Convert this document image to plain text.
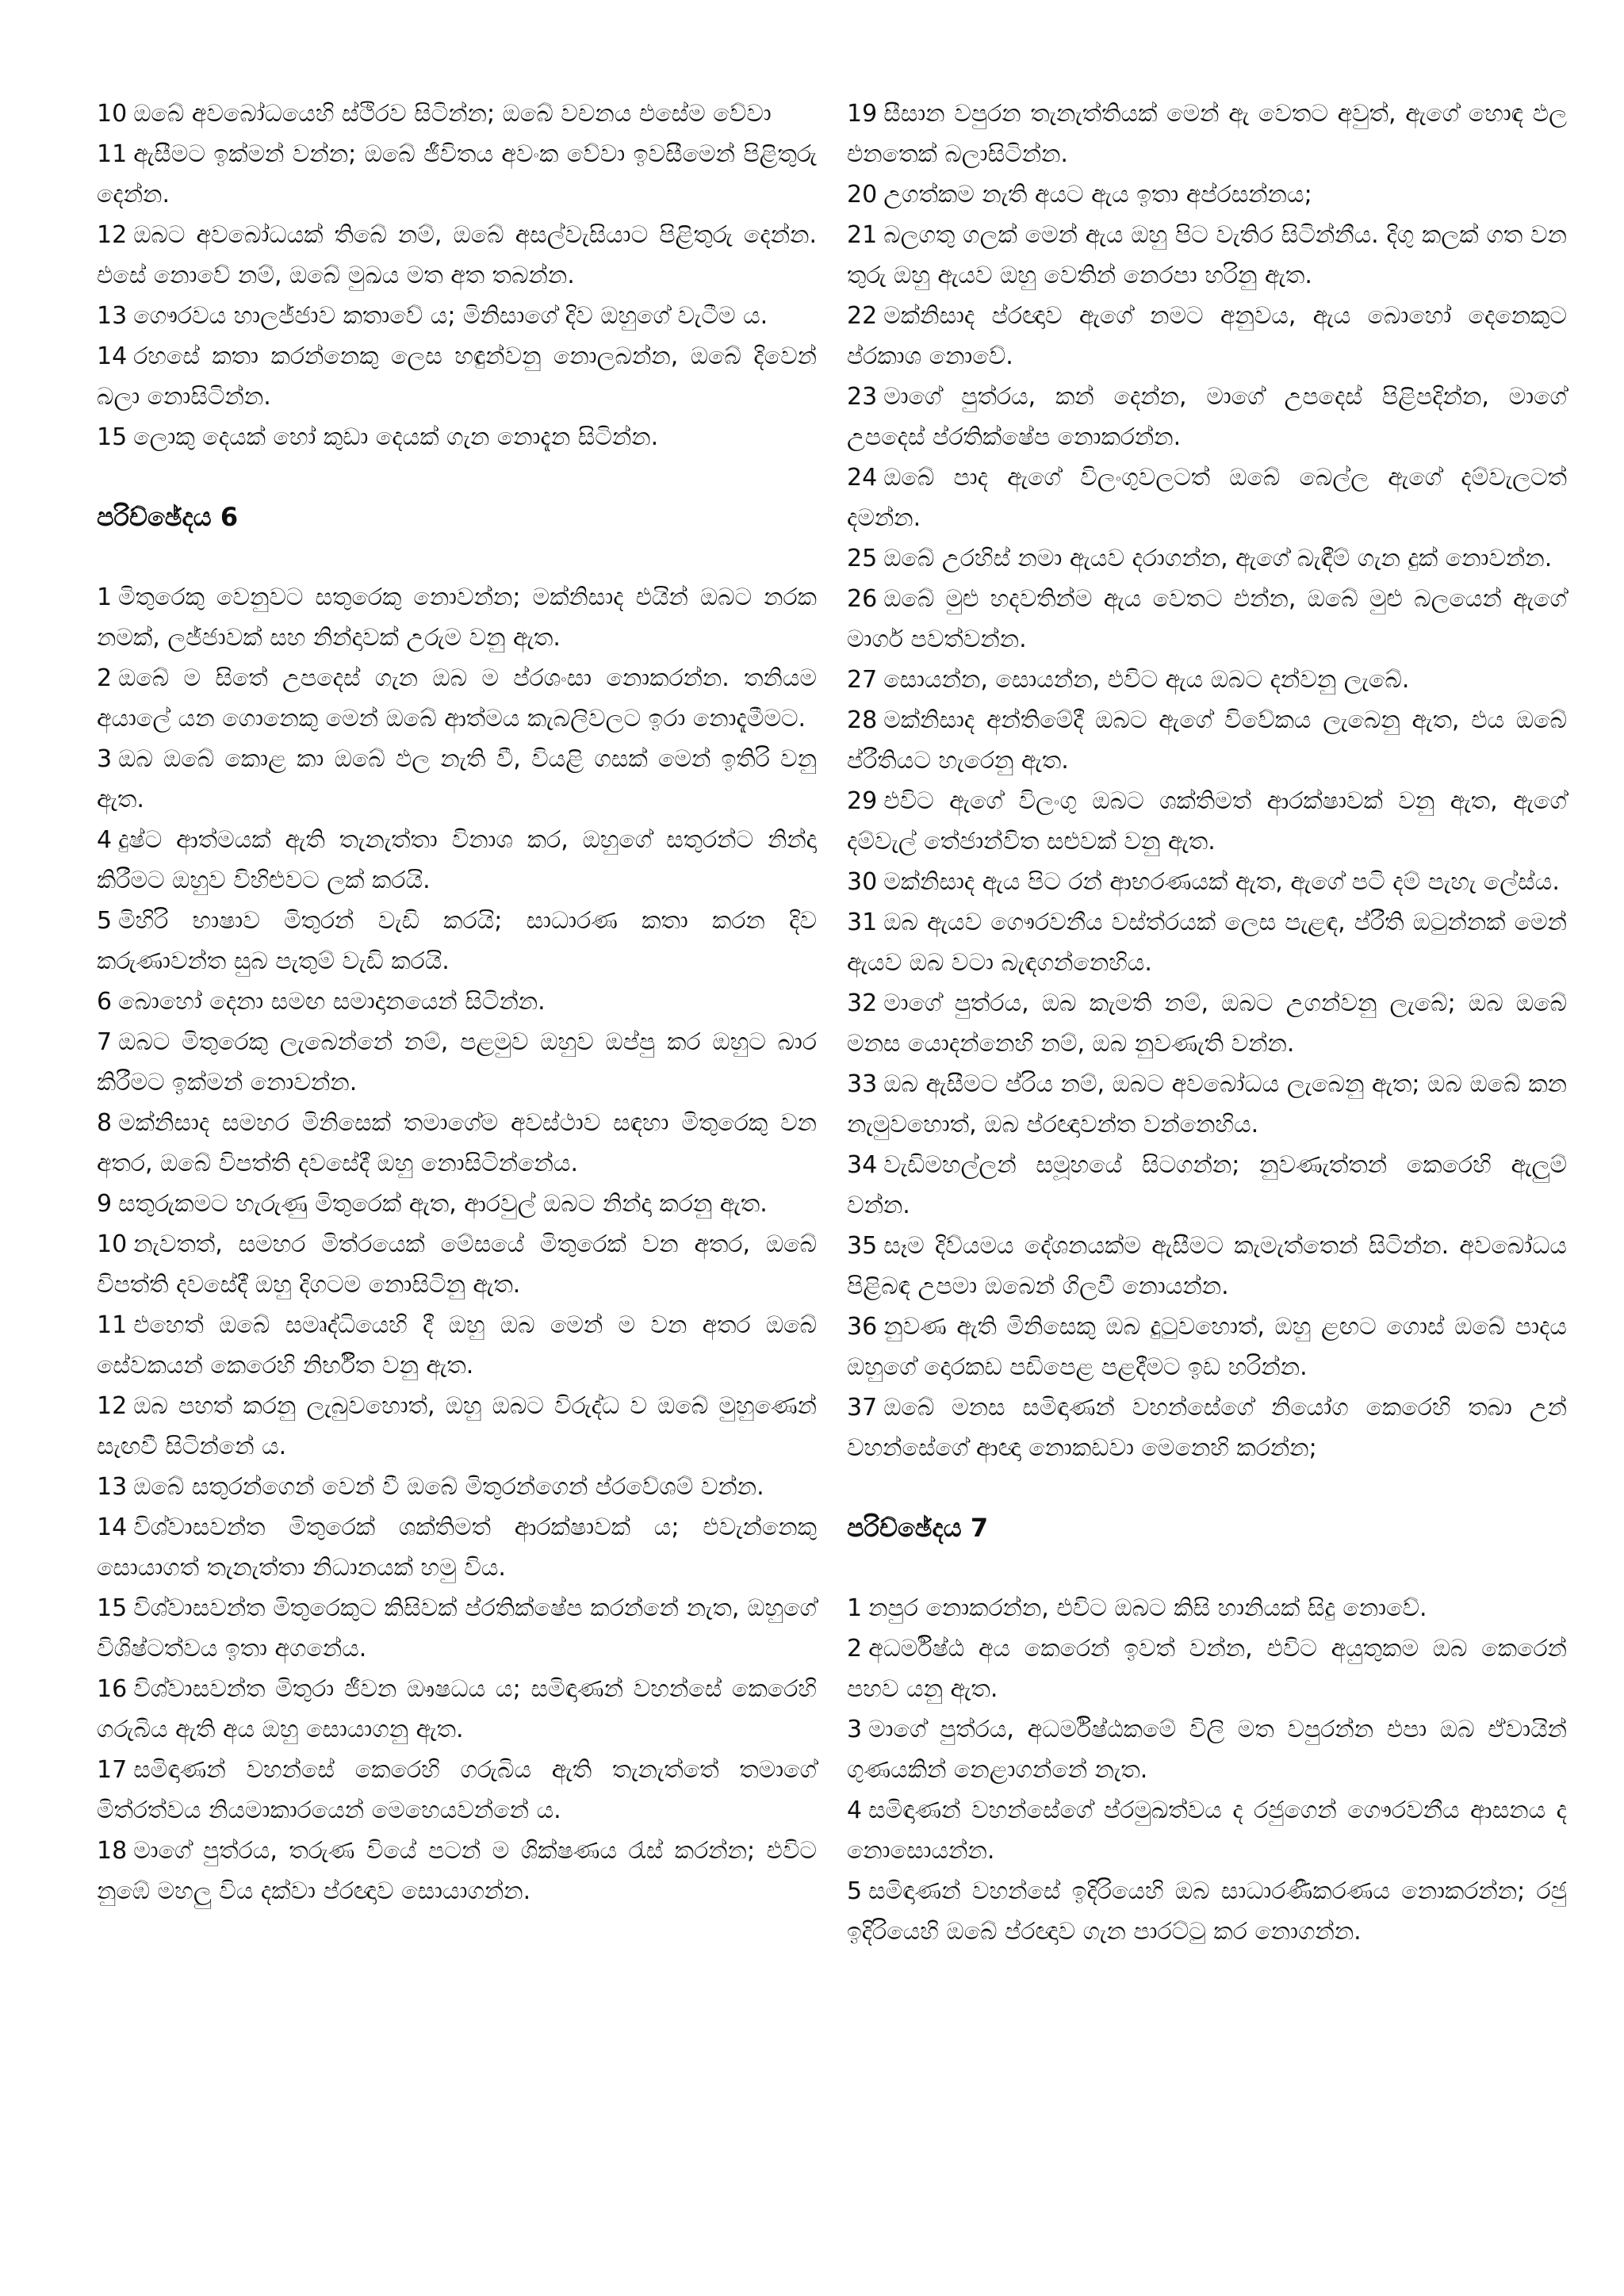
10 ඔබේ අවබෝධයෙහි ස්ථිරව සිටින්න; ඔබේ වචනය එසේම වේවා

11 ඇසීමට ඉක්මන් වන්න; ඔබේ ජීවිතය අවංක වේවා ඉවසීමෙන් පිළිතුරු දෙන්න.

12 ඔබට අවබෝධයක් තිබේ නම්, ඔබේ අසල්වැසියාට පිළිතුරු දෙන්න. එසේ නොවේ නම්, ඔබේ මුඛය මත අත තබන්න.

13 ගෞරවය හාලජ්ජාව කතාවේ ය; මිනිසාගේ දිව ඔහුගේ වැටීම ය.

14 රහසේ කතා කරන්නෙකු ලෙස හඳුන්වනු නොලබන්න, ඔබේ දිවෙන් බලා නොසිටින්න.

15 ලොකු දෙයක් හෝ කුඩා දෙයක් ගැන නොදැන සිටින්න.

පරිච්ඡේදය 6

1 මිතුරෙකු වෙනුවට සතුරෙකු නොවන්න; මක්නිසාද එයින් ඔබට නරක නමක්, ලජ්ජාවක් සහ නින්දාවක් උරුම වනු ඇත.

2 ඔබේ ම සිතේ උපදෙස් ගැන ඔබ ම ප්රශංසා නොකරන්න. තනියම අයාලේ යන ගොනෙකු මෙන් ඔබේ ආත්මය කැබලිවලට ඉරා නොදැමීමට.

3 ඔබ ඔබේ කොළ කා ඔබේ ඵල නැති වී, වියළි ගසක් මෙන් ඉතිරි වනු ඇත.

4 දුෂ්ට ආත්මයක් ඇති තැනැත්තා විනාශ කර, ඔහුගේ සතුරන්ට නින්දා කිරීමට ඔහුව විහිළුවට ලක් කරයි.

5 මිහිරි භාෂාව මිතුරන් වැඩි කරයි; සාධාරණ කතා කරන දිව කරුණාවන්ත සුබ පැතුම් වැඩි කරයි.

6 බොහෝ දෙනා සමඟ සමාදානයෙන් සිටින්න.

7 ඔබට මිතුරෙකු ලැබෙන්නේ නම්, පළමුව ඔහුව ඔප්පු කර ඔහුට බාර කිරීමට ඉක්මන් නොවන්න.

8 මක්නිසාද සමහර මිනිසෙක් තමාගේම අවස්ථාව සඳහා මිතුරෙකු වන අතර, ඔබේ විපත්ති දවසේදී ඔහු නොසිටින්නේය.

9 සතුරුකමට හැරුණු මිතුරෙක් ඇත, ආරවුල් ඔබට නින්දා කරනු ඇත.

10 නැවතත්, සමහර මිත්රයෙක් මේසයේ මිතුරෙක් වන අතර, ඔබේ විපත්ති දවසේදී ඔහු දිගටම නොසිටිනු ඇත.

11 එහෙත් ඔබේ සමෘද්ධියෙහි දී ඔහු ඔබ මෙන් ම වන අතර ඔබේ සේවකයන් කෙරෙහි නිර්භීත වනු ඇත.

12 ඔබ පහත් කරනු ලැබුවහොත්, ඔහු ඔබට විරුද්ධ ව ඔබේ මුහුණෙන් සැඟවී සිටින්නේ ය.

13 ඔබේ සතුරන්ගෙන් වෙන් වී ඔබේ මිතුරන්ගෙන් ප්රවේශම් වන්න.

14 විශ්වාසවන්ත මිතුරෙක් ශක්තිමත් ආරක්ෂාවක් ය; එවැන්නෙකු සොයාගත් තැනැත්තා නිධානයක් හමු විය.

15 විශ්වාසවන්ත මිතුරෙකුට කිසිවක් ප්රතික්ෂේප කරන්නේ නැත, ඔහුගේ විශිෂ්ටත්වය ඉතා අගනේය.

16 විශ්වාසවන්ත මිතුරා ජීවන ඖෂධය ය; සමිඳාණන් වහන්සේ කෙරෙහි ගරුබිය ඇති අය ඔහු සොයාගනු ඇත.

17 සමිඳාණන් වහන්සේ කෙරෙහි ගරුබිය ඇති තැනැත්තේ තමාගේ මිත්රත්වය නියමාකාරයෙන් මෙහෙයවන්නේ ය.

18 මාගේ පුත්රය, තරුණ වියේ පටන් ම ශික්ෂණය රැස් කරන්න; එවිට නුඹේ මහලු විය දක්වා ප්රඥාව සොයාගන්න.

19 සීසාන වපුරන තැනැත්තියක් මෙන් ඇ වෙතට අවුත්, ඇගේ හොඳ ඵල එනතෙක් බලාසිටින්න.

20 උගත්කම නැති අයට ඇය ඉතා අප්රසන්නය;

21 බලගතු ගලක් මෙන් ඇය ඔහු පිට වැතිර සිටින්නීය. දිගු කලක් ගත වන තුරු ඔහු ඇයව ඔහු වෙතින් නෙරපා හරිනු ඇත.

22 මක්නිසාද ප්රඥාව ඇගේ නමට අනුවය, ඇය බොහෝ දෙනෙකුට ප්රකාශ නොවේ.

23 මාගේ පුත්රය, කන් දෙන්න, මාගේ උපදෙස් පිළිපදින්න, මාගේ උපදෙස් ප්රතික්ෂේප නොකරන්න.

24 ඔබේ පාද ඇගේ විලංගුවලටත් ඔබේ බෙල්ල ඇගේ දම්වැලටත් දමන්න.

25 ඔබේ උරහිස් නමා ඇයව දරාගන්න, ඇගේ බැඳීම් ගැන දුක් නොවන්න.

26 ඔබේ මුළු හදවතින්ම ඇය වෙතට එන්න, ඔබේ මුළු බලයෙන් ඇගේ මාර්ග පවත්වන්න.

27 සොයන්න, සොයන්න, එවිට ඇය ඔබට දන්වනු ලැබේ.

28 මක්නිසාද අන්තිමේදී ඔබට ඇගේ විවේකය ලැබෙනු ඇත, එය ඔබේ ප්රීතියට හැරෙනු ඇත.

29 එවිට ඇගේ විලංගු ඔබට ශක්තිමත් ආරක්ෂාවක් වනු ඇත, ඇගේ දම්වැල් තේජාන්විත සළුවක් වනු ඇත.

30 මක්නිසාද ඇය පිට රන් ආභරණයක් ඇත, ඇගේ පටි දම් පැහැ ලේස්ය.

31 ඔබ ඇයව ගෞරවනීය වස්ත්රයක් ලෙස පැළඳ, ප්රීති ඔටුන්නක් මෙන් ඇයව ඔබ වටා බැඳගන්නෙහිය.

32 මාගේ පුත්රය, ඔබ කැමති නම්, ඔබට උගන්වනු ලැබේ; ඔබ ඔබේ මනස යොදන්නෙහි නම්, ඔබ නුවණැති වන්න.

33 ඔබ ඇසීමට ප්රිය නම්, ඔබට අවබෝධය ලැබෙනු ඇත; ඔබ ඔබේ කන නැමුවහොත්, ඔබ ප්රඥාවන්ත වන්නෙහිය.

34 වැඩිමහල්ලන් සමූහයේ සිටගන්න; නුවණැත්තන් කෙරෙහි ඇලුම් වන්න.

35 සෑම දිව්යමය දේශනයක්ම ඇසීමට කැමැත්තෙන් සිටින්න. අවබෝධය පිළිබඳ උපමා ඔබෙන් ගිලවී නොයන්න.

36 නුවණ ඇති මිනිසෙකු ඔබ දුටුවහොත්, ඔහු ළඟට ගොස් ඔබේ පාදය ඔහුගේ දොරකඩ පඩිපෙළ පළදීමට ඉඩ හරින්න.

37 ඔබේ මනස සමිඳාණන් වහන්සේගේ නියෝග කෙරෙහි තබා උන් වහන්සේගේ ආඥා නොකඩවා මෙනෙහි කරන්න;

පරිච්ඡේදය 7

1 නපුර නොකරන්න, එවිට ඔබට කිසි හානියක් සිදු නොවේ.

2 අධර්මිෂ්ඨ අය කෙරෙන් ඉවත් වන්න, එවිට අයුතුකම ඔබ කෙරෙන් පහව යනු ඇත.

3 මාගේ පුත්රය, අධර්මිෂ්ඨකමේ විලි මත වපුරන්න එපා ඔබ ඒවායින් ගුණයකින් නෙළාගන්නේ නැත.

4 සමිඳාණන් වහන්සේගේ ප්රමුඛත්වය ද රජුගෙන් ගෞරවනීය ආසනය ද නොසොයන්න.

5 සමිඳාණන් වහන්සේ ඉදිරියෙහි ඔබ සාධාරණීකරණය නොකරන්න; රජු ඉදිරියෙහි ඔබේ ප්රඥාව ගැන පාරට්ටු කර නොගන්න.
